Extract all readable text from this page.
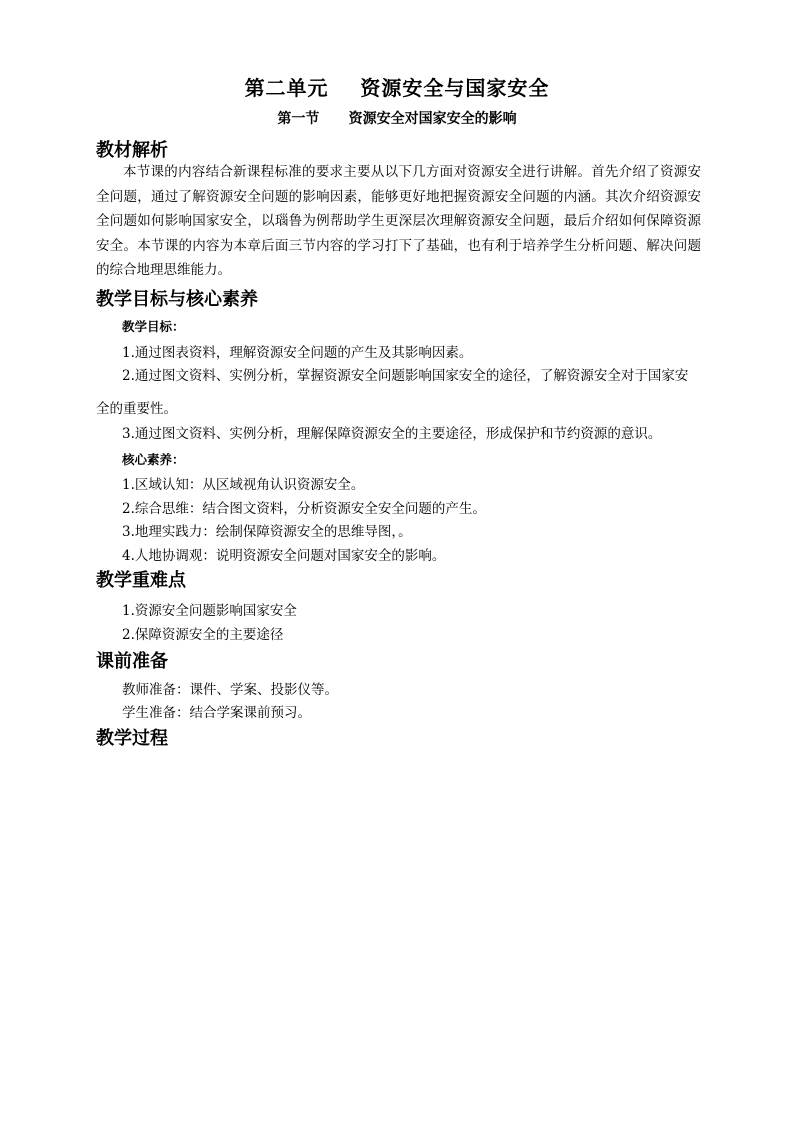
第二单元    资源安全与国家安全
第一节      资源安全对国家安全的影响
教材解析
本节课的内容结合新课程标准的要求主要从以下几方面对资源安全进行讲解。首先介绍了资源安全问题，通过了解资源安全问题的影响因素，能够更好地把握资源安全问题的内涵。其次介绍资源安全问题如何影响国家安全，以瑙鲁为例帮助学生更深层次理解资源安全问题，最后介绍如何保障资源安全。本节课的内容为本章后面三节内容的学习打下了基础，也有利于培养学生分析问题、解决问题的综合地理思维能力。
教学目标与核心素养
教学目标：
1.通过图表资料，理解资源安全问题的产生及其影响因素。
2.通过图文资料、实例分析，掌握资源安全问题影响国家安全的途径，了解资源安全对于国家安全的重要性。
3.通过图文资料、实例分析，理解保障资源安全的主要途径，形成保护和节约资源的意识。
核心素养：
1.区域认知：从区域视角认识资源安全。
2.综合思维：结合图文资料，分析资源安全安全问题的产生。
3.地理实践力：绘制保障资源安全的思维导图，。
4.人地协调观：说明资源安全问题对国家安全的影响。
教学重难点
1.资源安全问题影响国家安全
2.保障资源安全的主要途径
课前准备
教师准备：课件、学案、投影仪等。
学生准备：结合学案课前预习。
教学过程
